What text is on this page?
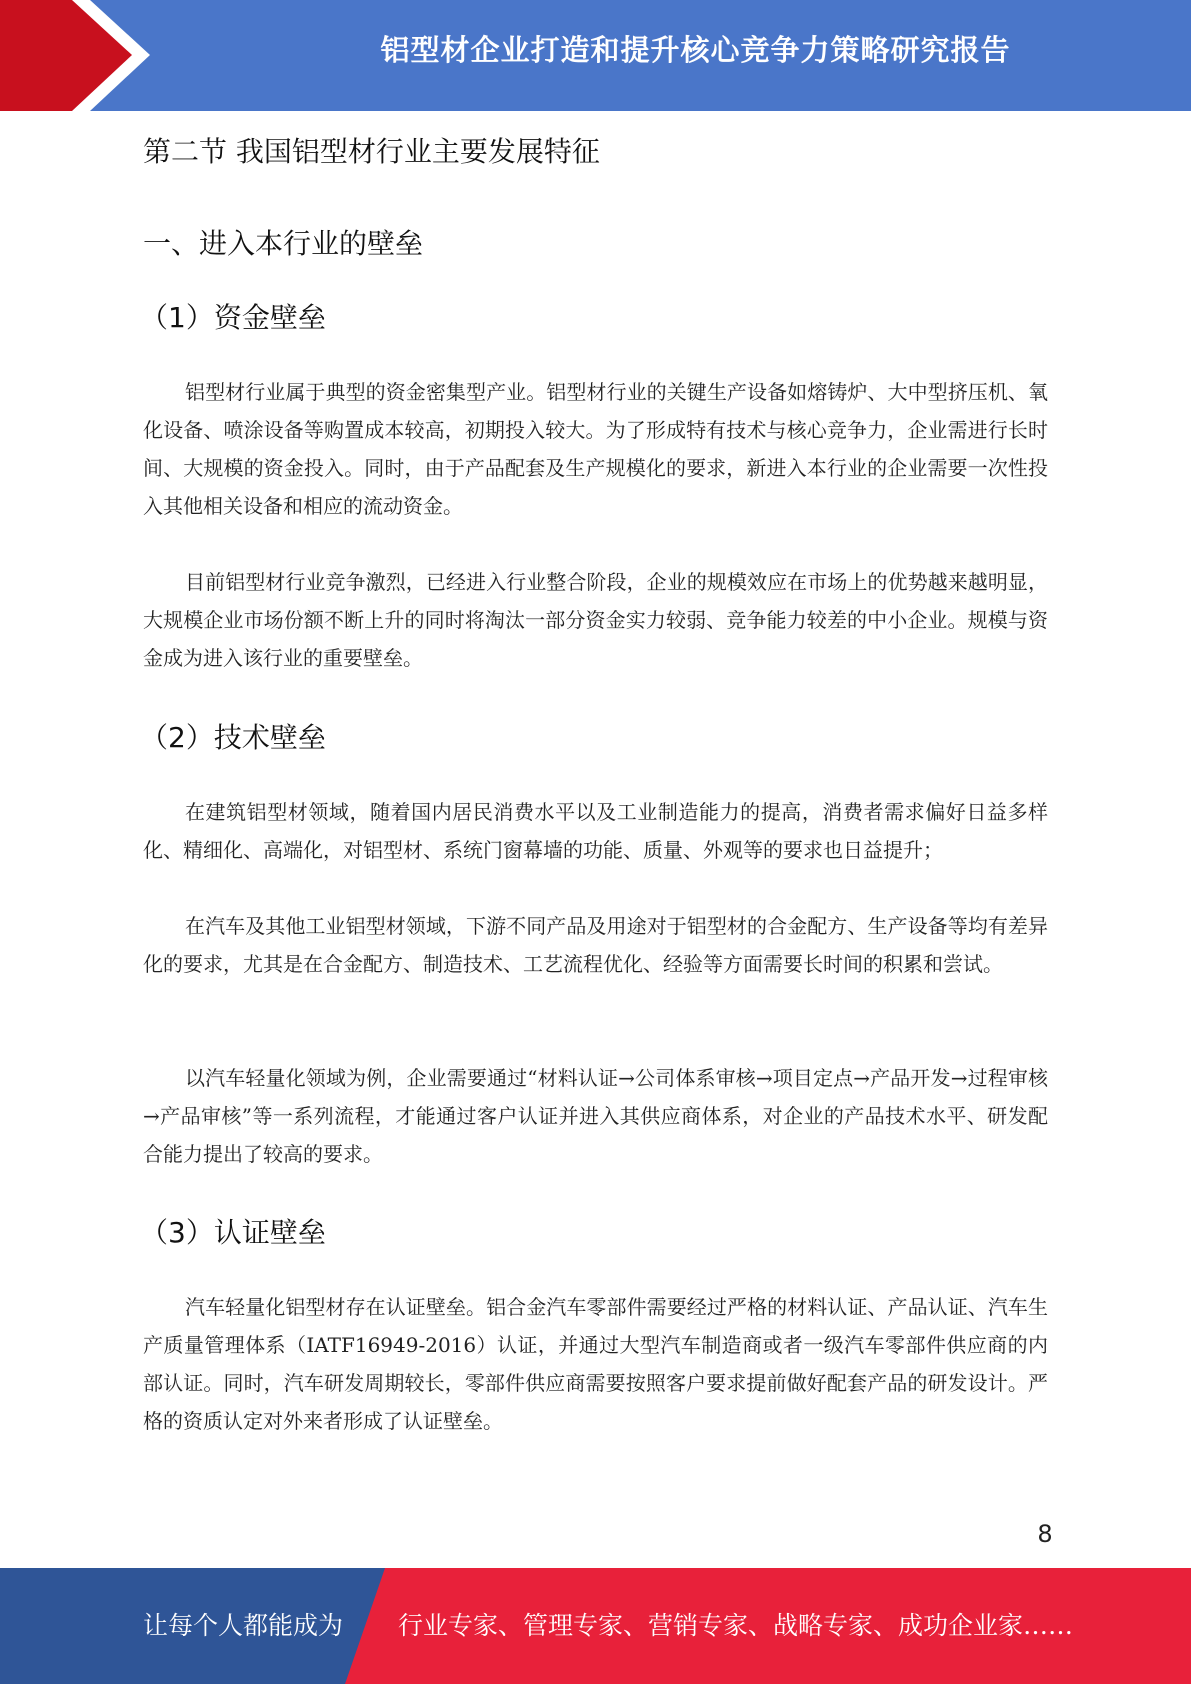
铝型材企业打造和提升核心竞争力策略研究报告
第二节 我国铝型材行业主要发展特征
一、进入本行业的壁垒
（1）资金壁垒

铝型材行业属于典型的资金密集型产业。铝型材行业的关键生产设备如熔铸炉、大中型挤压机、氧化设备、喷涂设备等购置成本较高，初期投入较大。为了形成特有技术与核心竞争力，企业需进行长时间、大规模的资金投入。同时，由于产品配套及生产规模化的要求，新进入本行业的企业需要一次性投入其他相关设备和相应的流动资金。

目前铝型材行业竞争激烈，已经进入行业整合阶段，企业的规模效应在市场上的优势越来越明显，大规模企业市场份额不断上升的同时将淘汰一部分资金实力较弱、竞争能力较差的中小企业。规模与资金成为进入该行业的重要壁垒。

（2）技术壁垒

在建筑铝型材领域，随着国内居民消费水平以及工业制造能力的提高，消费者需求偏好日益多样化、精细化、高端化，对铝型材、系统门窗幕墙的功能、质量、外观等的要求也日益提升；

在汽车及其他工业铝型材领域，下游不同产品及用途对于铝型材的合金配方、生产设备等均有差异化的要求，尤其是在合金配方、制造技术、工艺流程优化、经验等方面需要长时间的积累和尝试。

以汽车轻量化领域为例，企业需要通过“材料认证→公司体系审核→项目定点→产品开发→过程审核→产品审核”等一系列流程，才能通过客户认证并进入其供应商体系，对企业的产品技术水平、研发配合能力提出了较高的要求。

（3）认证壁垒

汽车轻量化铝型材存在认证壁垒。铝合金汽车零部件需要经过严格的材料认证、产品认证、汽车生产质量管理体系（IATF16949-2016）认证，并通过大型汽车制造商或者一级汽车零部件供应商的内部认证。同时，汽车研发周期较长，零部件供应商需要按照客户要求提前做好配套产品的研发设计。严格的资质认定对外来者形成了认证壁垒。

8
让每个人都能成为 行业专家、管理专家、营销专家、战略专家、成功企业家……
